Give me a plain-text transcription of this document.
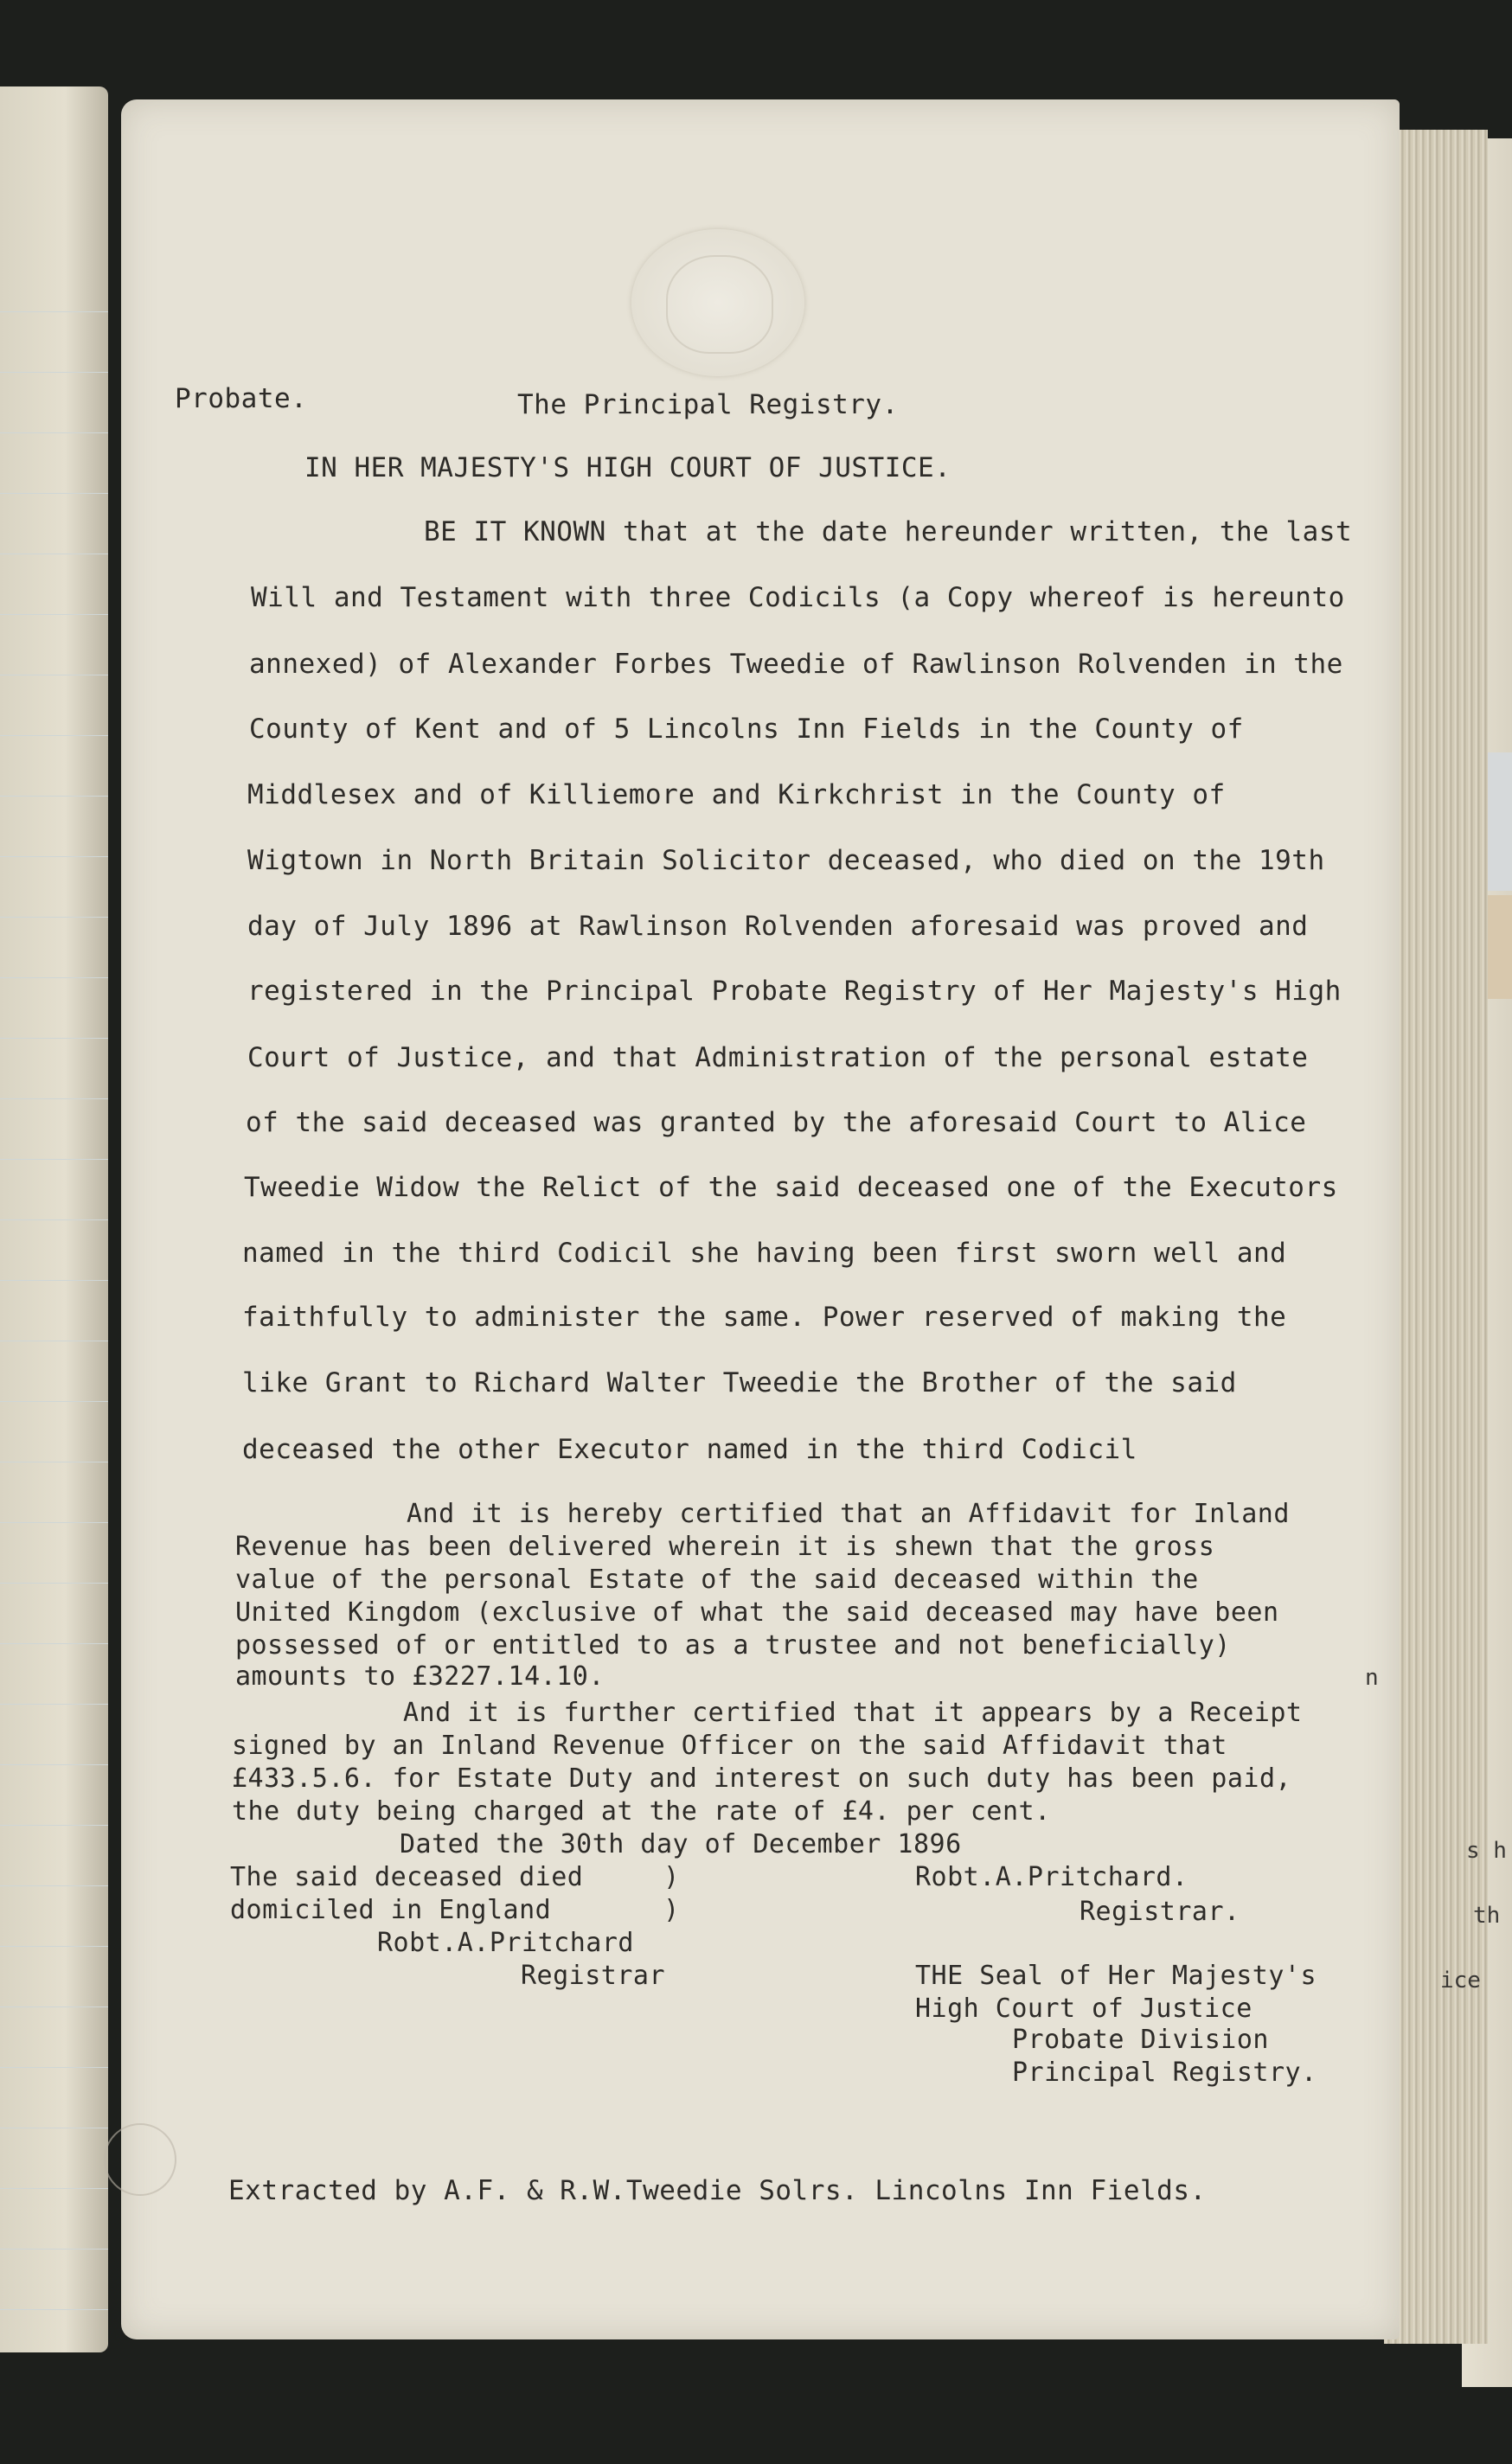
s h
th
ice
Probate.	The Principal Registry.
IN HER MAJESTY'S HIGH COURT OF JUSTICE.
BE IT KNOWN that at the date hereunder written, the last
Will and Testament with three Codicils (a Copy whereof is hereunto
annexed) of Alexander Forbes Tweedie of Rawlinson Rolvenden in the
County of Kent and of 5 Lincolns Inn Fields in the County of
Middlesex and of Killiemore and Kirkchrist in the County of
Wigtown in North Britain Solicitor deceased, who died on the 19th
day of July 1896 at Rawlinson Rolvenden aforesaid was proved and
registered in the Principal Probate Registry of Her Majesty's High
Court of Justice, and that Administration of the personal estate
of the said deceased was granted by the aforesaid Court to Alice
Tweedie Widow the Relict of the said deceased one of the Executors
named in the third Codicil she having been first sworn well and
faithfully to administer the same. Power reserved of making the
like Grant to Richard Walter Tweedie the Brother of the said
deceased the other Executor named in the third Codicil
And it is hereby certified that an Affidavit for Inland
Revenue has been delivered wherein it is shewn that the gross
value of the personal Estate of the said deceased within the
United Kingdom (exclusive of what the said deceased may have been
possessed of or entitled to as a trustee and not beneficially)
amounts to £3227.14.10.
And it is further certified that it appears by a Receipt
signed by an Inland Revenue Officer on the said Affidavit that
£433.5.6. for Estate Duty and interest on such duty has been paid,
the duty being charged at the rate of £4. per cent.
Dated the 30th day of December 1896
The said deceased died     )
domiciled in England       )
Robt.A.Pritchard
Registrar
Robt.A.Pritchard.
Registrar.
THE Seal of Her Majesty's
High Court of Justice
Probate Division
Principal Registry.
Extracted by A.F. & R.W.Tweedie Solrs. Lincolns Inn Fields.
n
